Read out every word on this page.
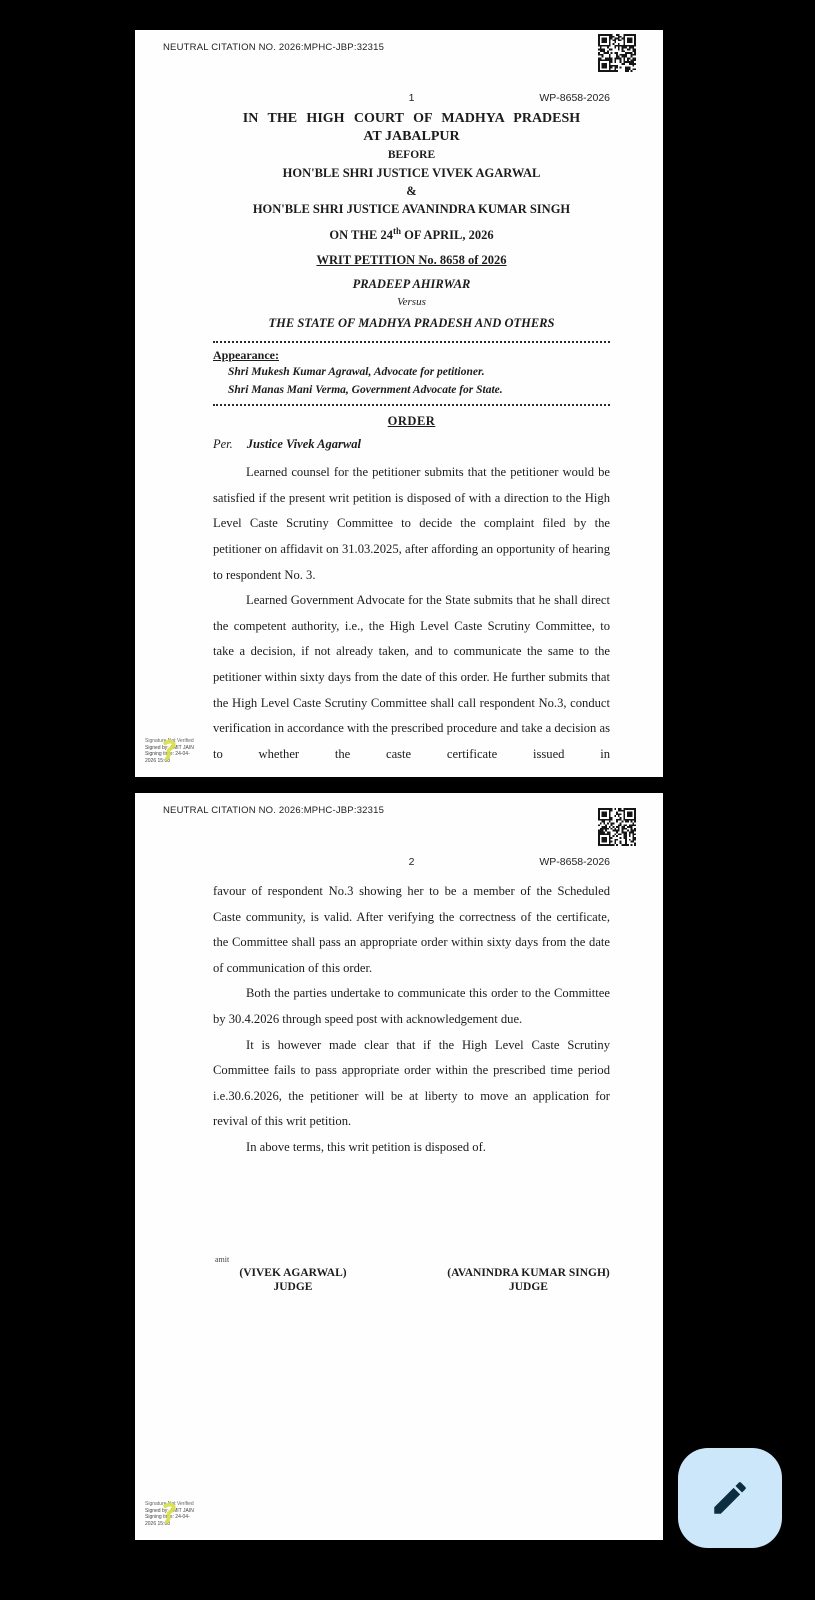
NEUTRAL CITATION NO. 2026:MPHC-JBP:32315
1	WP-8658-2026
IN THE HIGH COURT OF MADHYA PRADESH
AT JABALPUR
BEFORE
HON'BLE SHRI JUSTICE VIVEK AGARWAL
&
HON'BLE SHRI JUSTICE AVANINDRA KUMAR SINGH
ON THE 24th OF APRIL, 2026
WRIT PETITION No. 8658 of 2026
PRADEEP AHIRWAR
Versus
THE STATE OF MADHYA PRADESH AND OTHERS
Appearance:
Shri Mukesh Kumar Agrawal, Advocate for petitioner.
Shri Manas Mani Verma, Government Advocate for State.
ORDER
Per. Justice Vivek Agarwal

Learned counsel for the petitioner submits that the petitioner would be satisfied if the present writ petition is disposed of with a direction to the High Level Caste Scrutiny Committee to decide the complaint filed by the petitioner on affidavit on 31.03.2025, after affording an opportunity of hearing to respondent No. 3.

Learned Government Advocate for the State submits that he shall direct the competent authority, i.e., the High Level Caste Scrutiny Committee, to take a decision, if not already taken, and to communicate the same to the petitioner within sixty days from the date of this order. He further submits that the High Level Caste Scrutiny Committee shall call respondent No.3, conduct verification in accordance with the prescribed procedure and take a decision as to whether the caste certificate issued in

Signature Not Verified
Signed by: AMIT JAIN
Signing time: 24-04-
2026 15:08
NEUTRAL CITATION NO. 2026:MPHC-JBP:32315
2	WP-8658-2026

favour of respondent No.3 showing her to be a member of the Scheduled Caste community, is valid. After verifying the correctness of the certificate, the Committee shall pass an appropriate order within sixty days from the date of communication of this order.

Both the parties undertake to communicate this order to the Committee by 30.4.2026 through speed post with acknowledgement due.

It is however made clear that if the High Level Caste Scrutiny Committee fails to pass appropriate order within the prescribed time period i.e.30.6.2026, the petitioner will be at liberty to move an application for revival of this writ petition.

In above terms, this writ petition is disposed of.

(VIVEK AGARWAL)
JUDGE
(AVANINDRA KUMAR SINGH)
JUDGE
amit
Signature Not Verified
Signed by: AMIT JAIN
Signing time: 24-04-
2026 15:08
